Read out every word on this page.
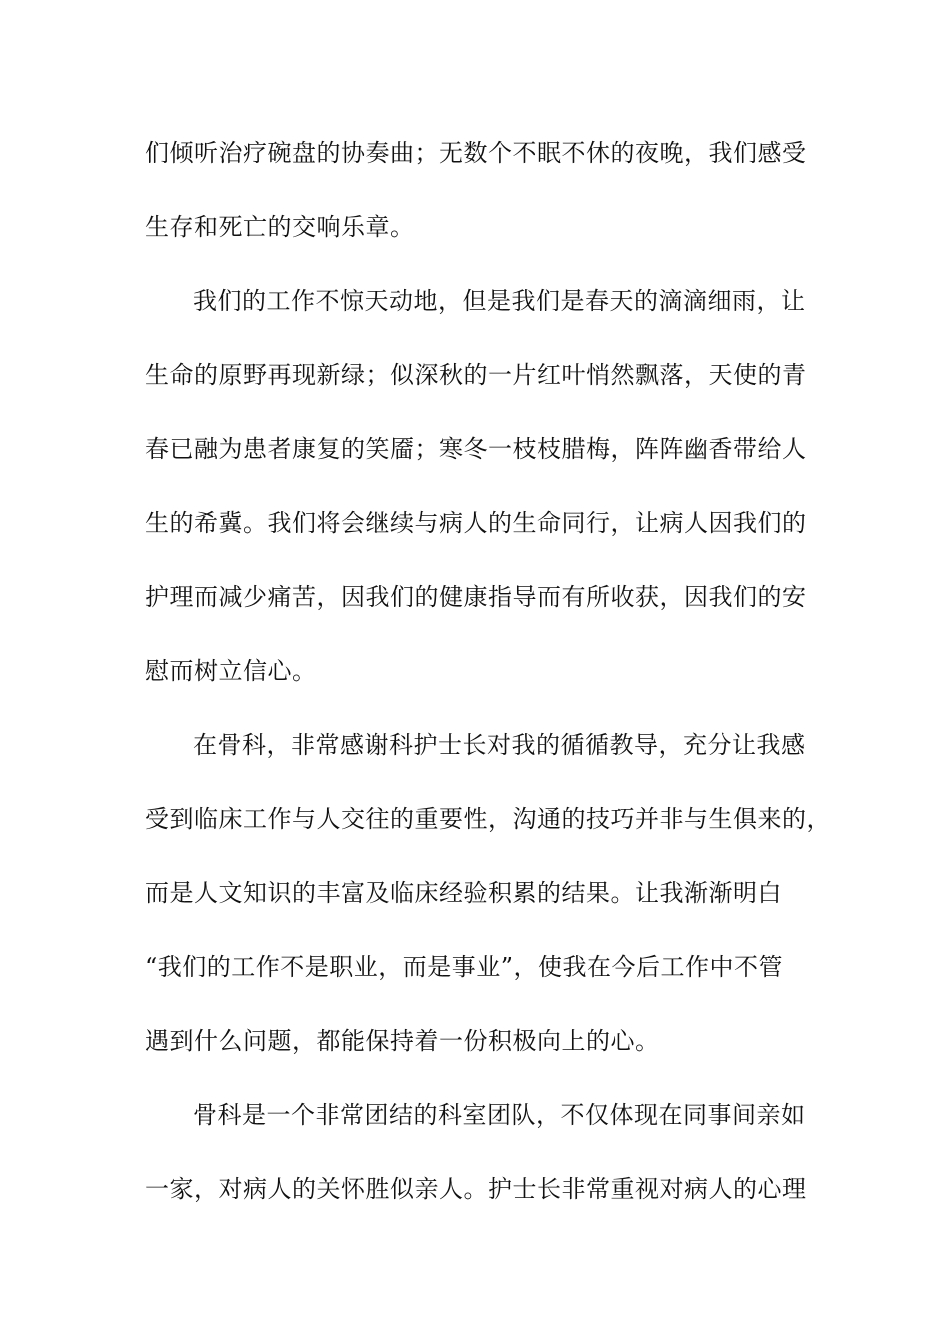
们倾听治疗碗盘的协奏曲；无数个不眠不休的夜晚，我们感受
生存和死亡的交响乐章。
我们的工作不惊天动地，但是我们是春天的滴滴细雨，让
生命的原野再现新绿；似深秋的一片红叶悄然飘落，天使的青
春已融为患者康复的笑靥；寒冬一枝枝腊梅，阵阵幽香带给人
生的希冀。我们将会继续与病人的生命同行，让病人因我们的
护理而减少痛苦，因我们的健康指导而有所收获，因我们的安
慰而树立信心。
在骨科，非常感谢科护士长对我的循循教导，充分让我感
受到临床工作与人交往的重要性，沟通的技巧并非与生俱来的，
而是人文知识的丰富及临床经验积累的结果。让我渐渐明白
“我们的工作不是职业，而是事业”，使我在今后工作中不管
遇到什么问题，都能保持着一份积极向上的心。
骨科是一个非常团结的科室团队，不仅体现在同事间亲如
一家，对病人的关怀胜似亲人。护士长非常重视对病人的心理
